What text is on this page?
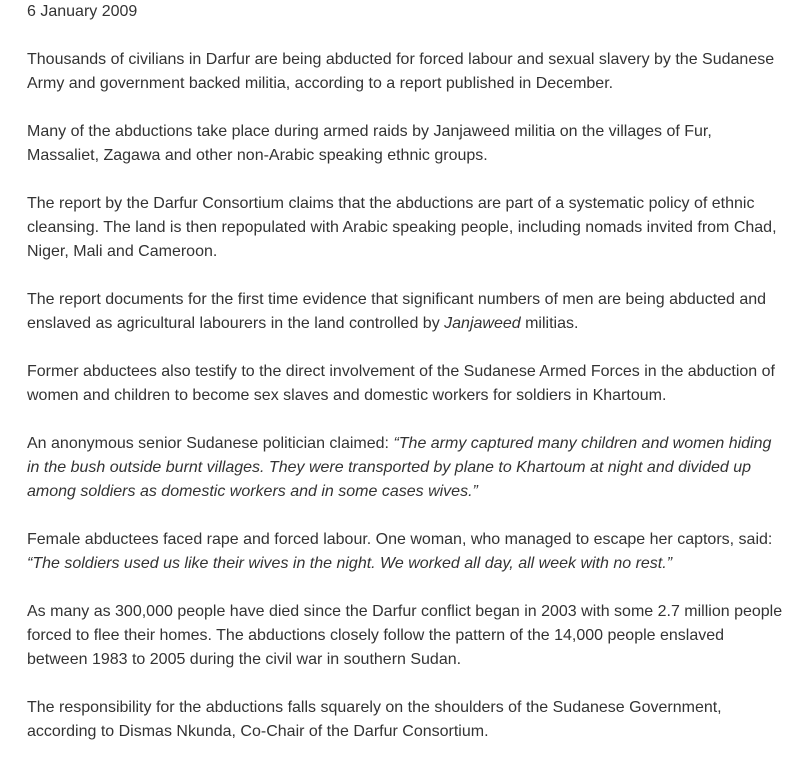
6 January 2009

Thousands of civilians in Darfur are being abducted for forced labour and sexual slavery by the Sudanese Army and government backed militia, according to a report published in December.

Many of the abductions take place during armed raids by Janjaweed militia on the villages of Fur, Massaliet, Zagawa and other non-Arabic speaking ethnic groups.

The report by the Darfur Consortium claims that the abductions are part of a systematic policy of ethnic cleansing. The land is then repopulated with Arabic speaking people, including nomads invited from Chad, Niger, Mali and Cameroon.

The report documents for the first time evidence that significant numbers of men are being abducted and enslaved as agricultural labourers in the land controlled by Janjaweed militias.

Former abductees also testify to the direct involvement of the Sudanese Armed Forces in the abduction of women and children to become sex slaves and domestic workers for soldiers in Khartoum.

An anonymous senior Sudanese politician claimed: “The army captured many children and women hiding in the bush outside burnt villages. They were transported by plane to Khartoum at night and divided up among soldiers as domestic workers and in some cases wives.”

Female abductees faced rape and forced labour. One woman, who managed to escape her captors, said: “The soldiers used us like their wives in the night. We worked all day, all week with no rest.”

As many as 300,000 people have died since the Darfur conflict began in 2003 with some 2.7 million people forced to flee their homes. The abductions closely follow the pattern of the 14,000 people enslaved between 1983 to 2005 during the civil war in southern Sudan.

The responsibility for the abductions falls squarely on the shoulders of the Sudanese Government, according to Dismas Nkunda, Co-Chair of the Darfur Consortium.
